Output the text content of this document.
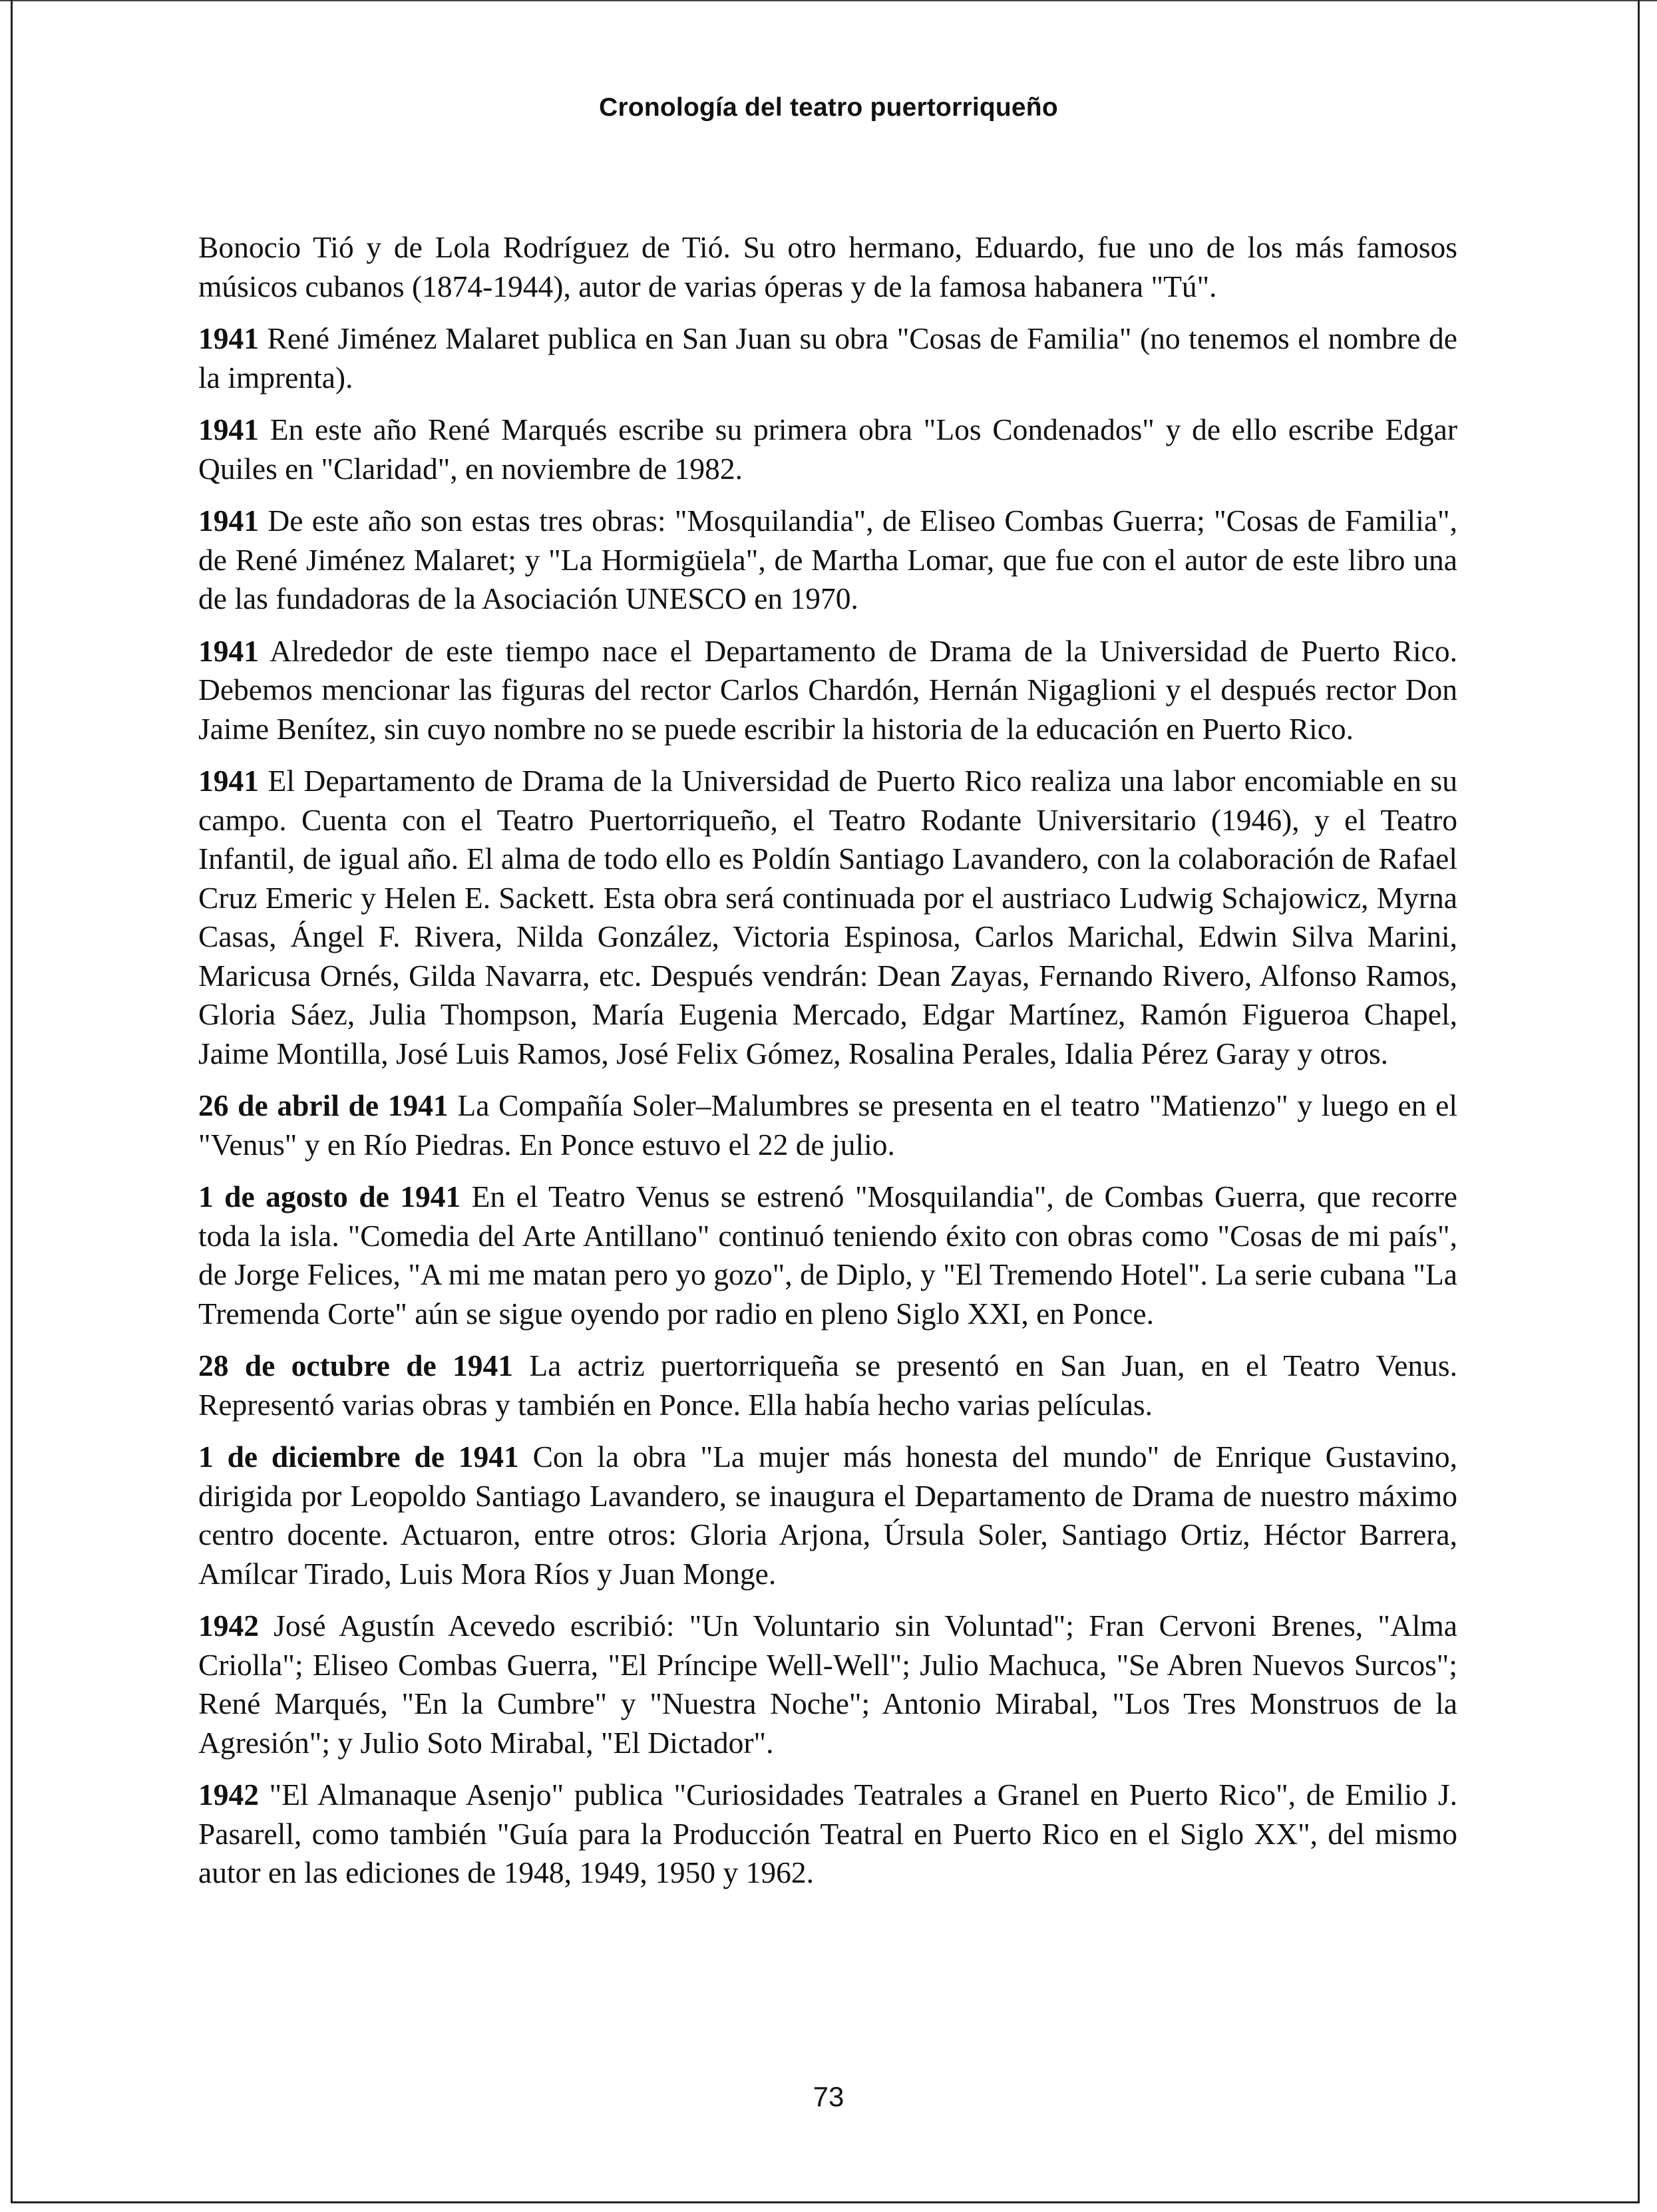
Cronología del teatro puertorriqueño

Bonocio Tió y de Lola Rodríguez de Tió. Su otro hermano, Eduardo, fue uno de los más famosos músicos cubanos (1874-1944), autor de varias óperas y de la famosa habanera "Tú".

1941 René Jiménez Malaret publica en San Juan su obra "Cosas de Familia" (no tenemos el nombre de la imprenta).

1941 En este año René Marqués escribe su primera obra "Los Condenados" y de ello escribe Edgar Quiles en "Claridad", en noviembre de 1982.

1941 De este año son estas tres obras: "Mosquilandia", de Eliseo Combas Guerra; "Cosas de Familia", de René Jiménez Malaret; y "La Hormigüela", de Martha Lomar, que fue con el autor de este libro una de las fundadoras de la Asociación UNESCO en 1970.

1941 Alrededor de este tiempo nace el Departamento de Drama de la Universidad de Puerto Rico. Debemos mencionar las figuras del rector Carlos Chardón, Hernán Nigaglioni y el después rector Don Jaime Benítez, sin cuyo nombre no se puede escribir la historia de la educación en Puerto Rico.

1941 El Departamento de Drama de la Universidad de Puerto Rico realiza una labor encomiable en su campo. Cuenta con el Teatro Puertorriqueño, el Teatro Rodante Universitario (1946), y el Teatro Infantil, de igual año. El alma de todo ello es Poldín Santiago Lavandero, con la colaboración de Rafael Cruz Emeric y Helen E. Sackett. Esta obra será continuada por el austriaco Ludwig Schajowicz, Myrna Casas, Ángel F. Rivera, Nilda González, Victoria Espinosa, Carlos Marichal, Edwin Silva Marini, Maricusa Ornés, Gilda Navarra, etc. Después vendrán: Dean Zayas, Fernando Rivero, Alfonso Ramos, Gloria Sáez, Julia Thompson, María Eugenia Mercado, Edgar Martínez, Ramón Figueroa Chapel, Jaime Montilla, José Luis Ramos, José Felix Gómez, Rosalina Perales, Idalia Pérez Garay y otros.

26 de abril de 1941 La Compañía Soler–Malumbres se presenta en el teatro "Matienzo" y luego en el "Venus" y en Río Piedras. En Ponce estuvo el 22 de julio.

1 de agosto de 1941 En el Teatro Venus se estrenó "Mosquilandia", de Combas Guerra, que recorre toda la isla. "Comedia del Arte Antillano" continuó teniendo éxito con obras como "Cosas de mi país", de Jorge Felices, "A mi me matan pero yo gozo", de Diplo, y "El Tremendo Hotel". La serie cubana "La Tremenda Corte" aún se sigue oyendo por radio en pleno Siglo XXI, en Ponce.

28 de octubre de 1941 La actriz puertorriqueña se presentó en San Juan, en el Teatro Venus. Representó varias obras y también en Ponce. Ella había hecho varias películas.

1 de diciembre de 1941 Con la obra "La mujer más honesta del mundo" de Enrique Gustavino, dirigida por Leopoldo Santiago Lavandero, se inaugura el Departamento de Drama de nuestro máximo centro docente. Actuaron, entre otros: Gloria Arjona, Úrsula Soler, Santiago Ortiz, Héctor Barrera, Amílcar Tirado, Luis Mora Ríos y Juan Monge.

1942 José Agustín Acevedo escribió: "Un Voluntario sin Voluntad"; Fran Cervoni Brenes, "Alma Criolla"; Eliseo Combas Guerra, "El Príncipe Well-Well"; Julio Machuca, "Se Abren Nuevos Surcos"; René Marqués, "En la Cumbre" y "Nuestra Noche"; Antonio Mirabal, "Los Tres Monstruos de la Agresión"; y Julio Soto Mirabal, "El Dictador".

1942 "El Almanaque Asenjo" publica "Curiosidades Teatrales a Granel en Puerto Rico", de Emilio J. Pasarell, como también "Guía para la Producción Teatral en Puerto Rico en el Siglo XX", del mismo autor en las ediciones de 1948, 1949, 1950 y 1962.

73
